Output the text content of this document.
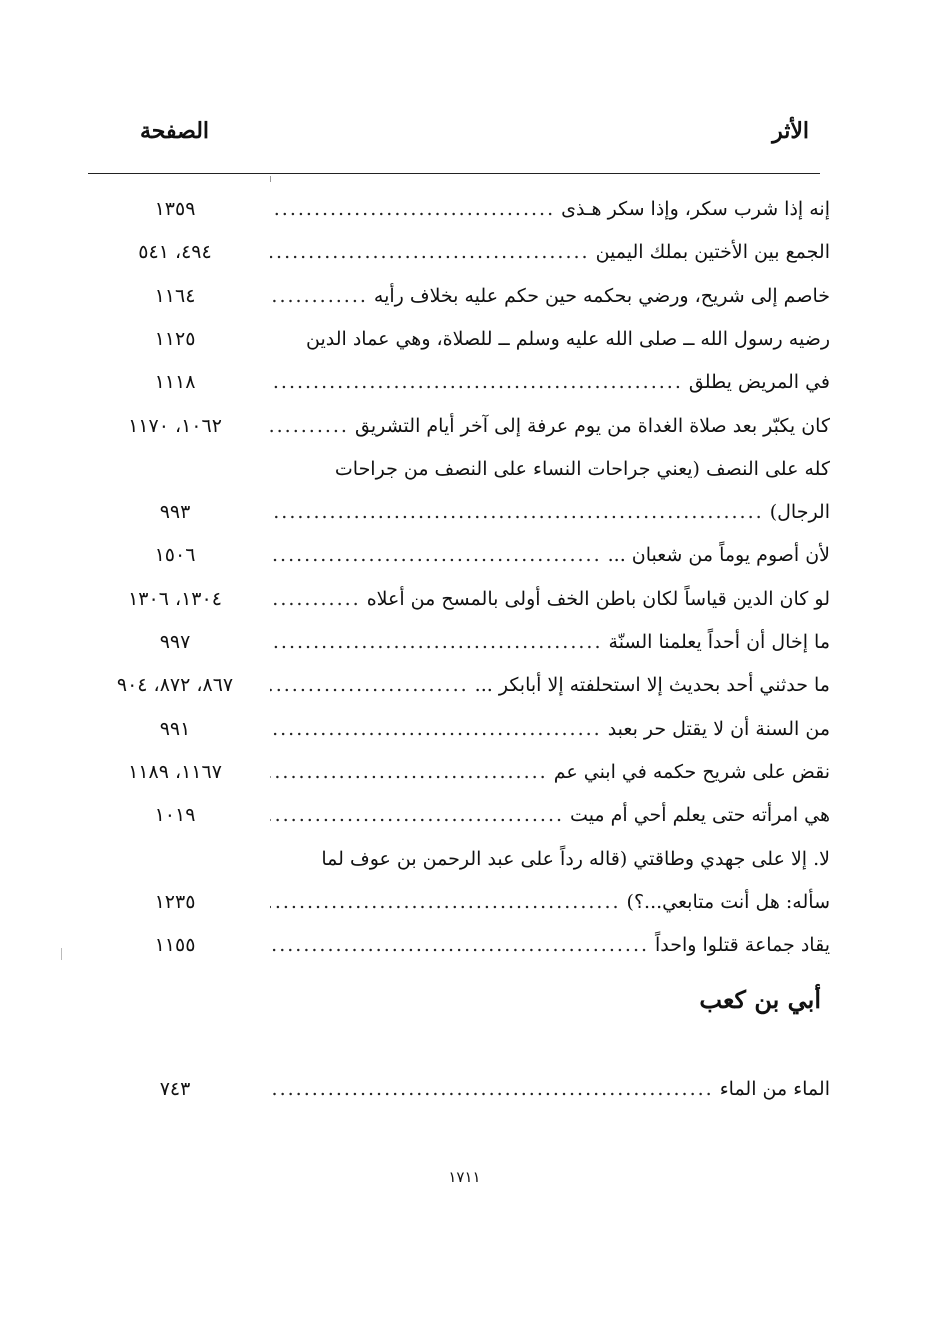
الأثر
الصفحة
إنه إذا شرب سكر، وإذا سكر هـذى
.....
١٣٥٩
الجمع بين الأختين بملك اليمين
.....
٤٩٤، ٥٤١
خاصم إلى شريح، ورضي بحكمه حين حكم عليه بخلاف رأيه
.....
١١٦٤
رضيه رسول الله ــ صلى الله عليه وسلم ــ للصلاة، وهي عماد الدين
١١٢٥
في المريض يطلق
.....
١١١٨
كان يكبّر بعد صلاة الغداة من يوم عرفة إلى آخر أيام التشريق
.....
١٠٦٢، ١١٧٠
كله على النصف (يعني جراحات النساء على النصف من جراحات
الرجال)
.....
٩٩٣
لأن أصوم يوماً من شعبان ...
.....
١٥٠٦
لو كان الدين قياساً لكان باطن الخف أولى بالمسح من أعلاه
.....
١٣٠٤، ١٣٠٦
ما إخال أن أحداً يعلمنا السنّة
.....
٩٩٧
ما حدثني أحد بحديث إلا استحلفته إلا أبابكر ...
.....
٨٦٧، ٨٧٢، ٩٠٤
من السنة أن لا يقتل حر بعبد
.....
٩٩١
نقض على شريح حكمه في ابني عم
.....
١١٦٧، ١١٨٩
هي امرأته حتى يعلم أحي أم ميت
.....
١٠١٩
لا. إلا على جهدي وطاقتي (قاله رداً على عبد الرحمن بن عوف لما
سأله: هل أنت متابعي...؟)
.....
١٢٣٥
يقاد جماعة قتلوا واحداً
.....
١١٥٥
أبي بن كعب
الماء من الماء
.....
٧٤٣
١٧١١
